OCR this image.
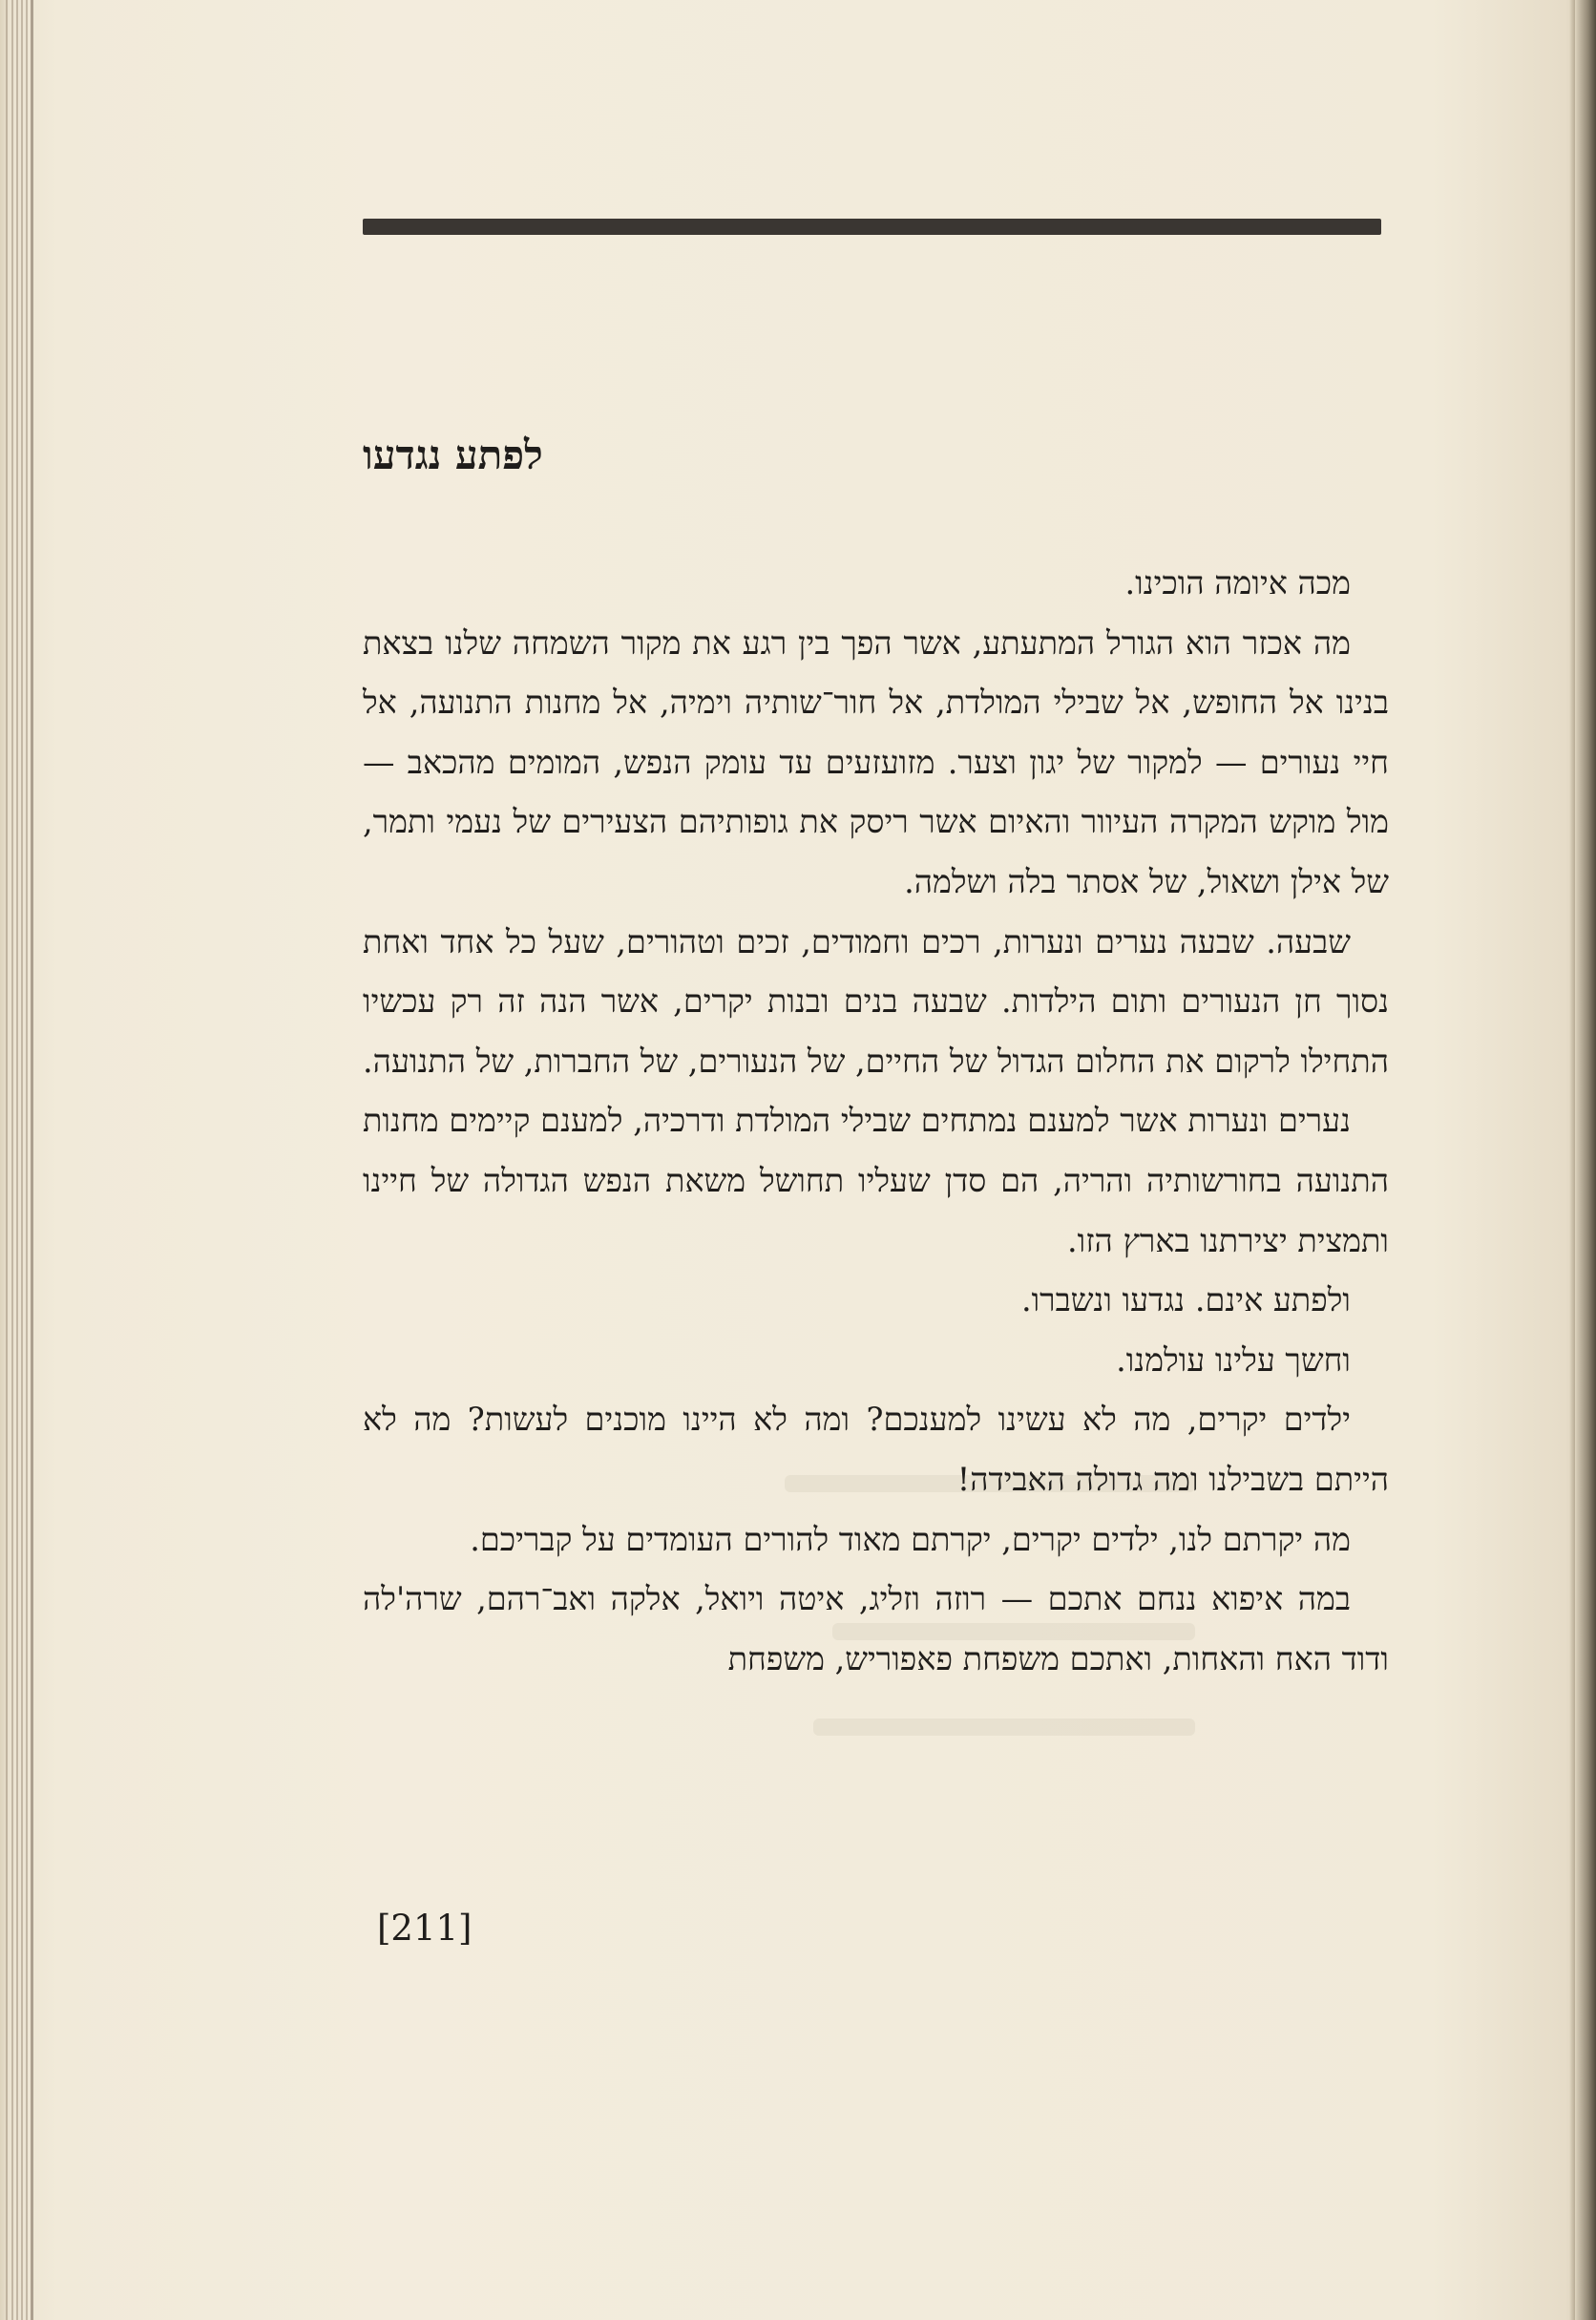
לפתע נגדעו

מכה איומה הוכינו.

מה אכזר הוא הגורל המתעתע, אשר הפך בין רגע את מקור השמחה שלנו בצאת בנינו אל החופש, אל שבילי המולדת, אל חור־שותיה וימיה, אל מחנות התנועה, אל חיי נעורים — למקור של יגון וצער. מזועזעים עד עומק הנפש, המומים מהכאב — מול מוקש המקרה העיוור והאיום אשר ריסק את גופותיהם הצעירים של נעמי ותמר, של אילן ושאול, של אסתר בלה ושלמה.

שבעה. שבעה נערים ונערות, רכים וחמודים, זכים וטהורים, שעל כל אחד ואחת נסוך חן הנעורים ותום הילדות. שבעה בנים ובנות יקרים, אשר הנה זה רק עכשיו התחילו לרקום את החלום הגדול של החיים, של הנעורים, של החברות, של התנועה.

נערים ונערות אשר למענם נמתחים שבילי המולדת ודרכיה, למענם קיימים מחנות התנועה בחורשותיה והריה, הם סדן שעליו תחושל משאת הנפש הגדולה של חיינו ותמצית יצירתנו בארץ הזו.

ולפתע אינם. נגדעו ונשברו.

וחשך עלינו עולמנו.

ילדים יקרים, מה לא עשינו למענכם? ומה לא היינו מוכנים לעשות? מה לא הייתם בשבילנו ומה גדולה האבידה!

מה יקרתם לנו, ילדים יקרים, יקרתם מאוד להורים העומדים על קבריכם.

במה איפוא ננחם אתכם — רוזה וזליג, איטה ויואל, אלקה ואב־רהם, שרה'לה ודוד האח והאחות, ואתכם משפחת פאפוריש, משפחת

[211]
